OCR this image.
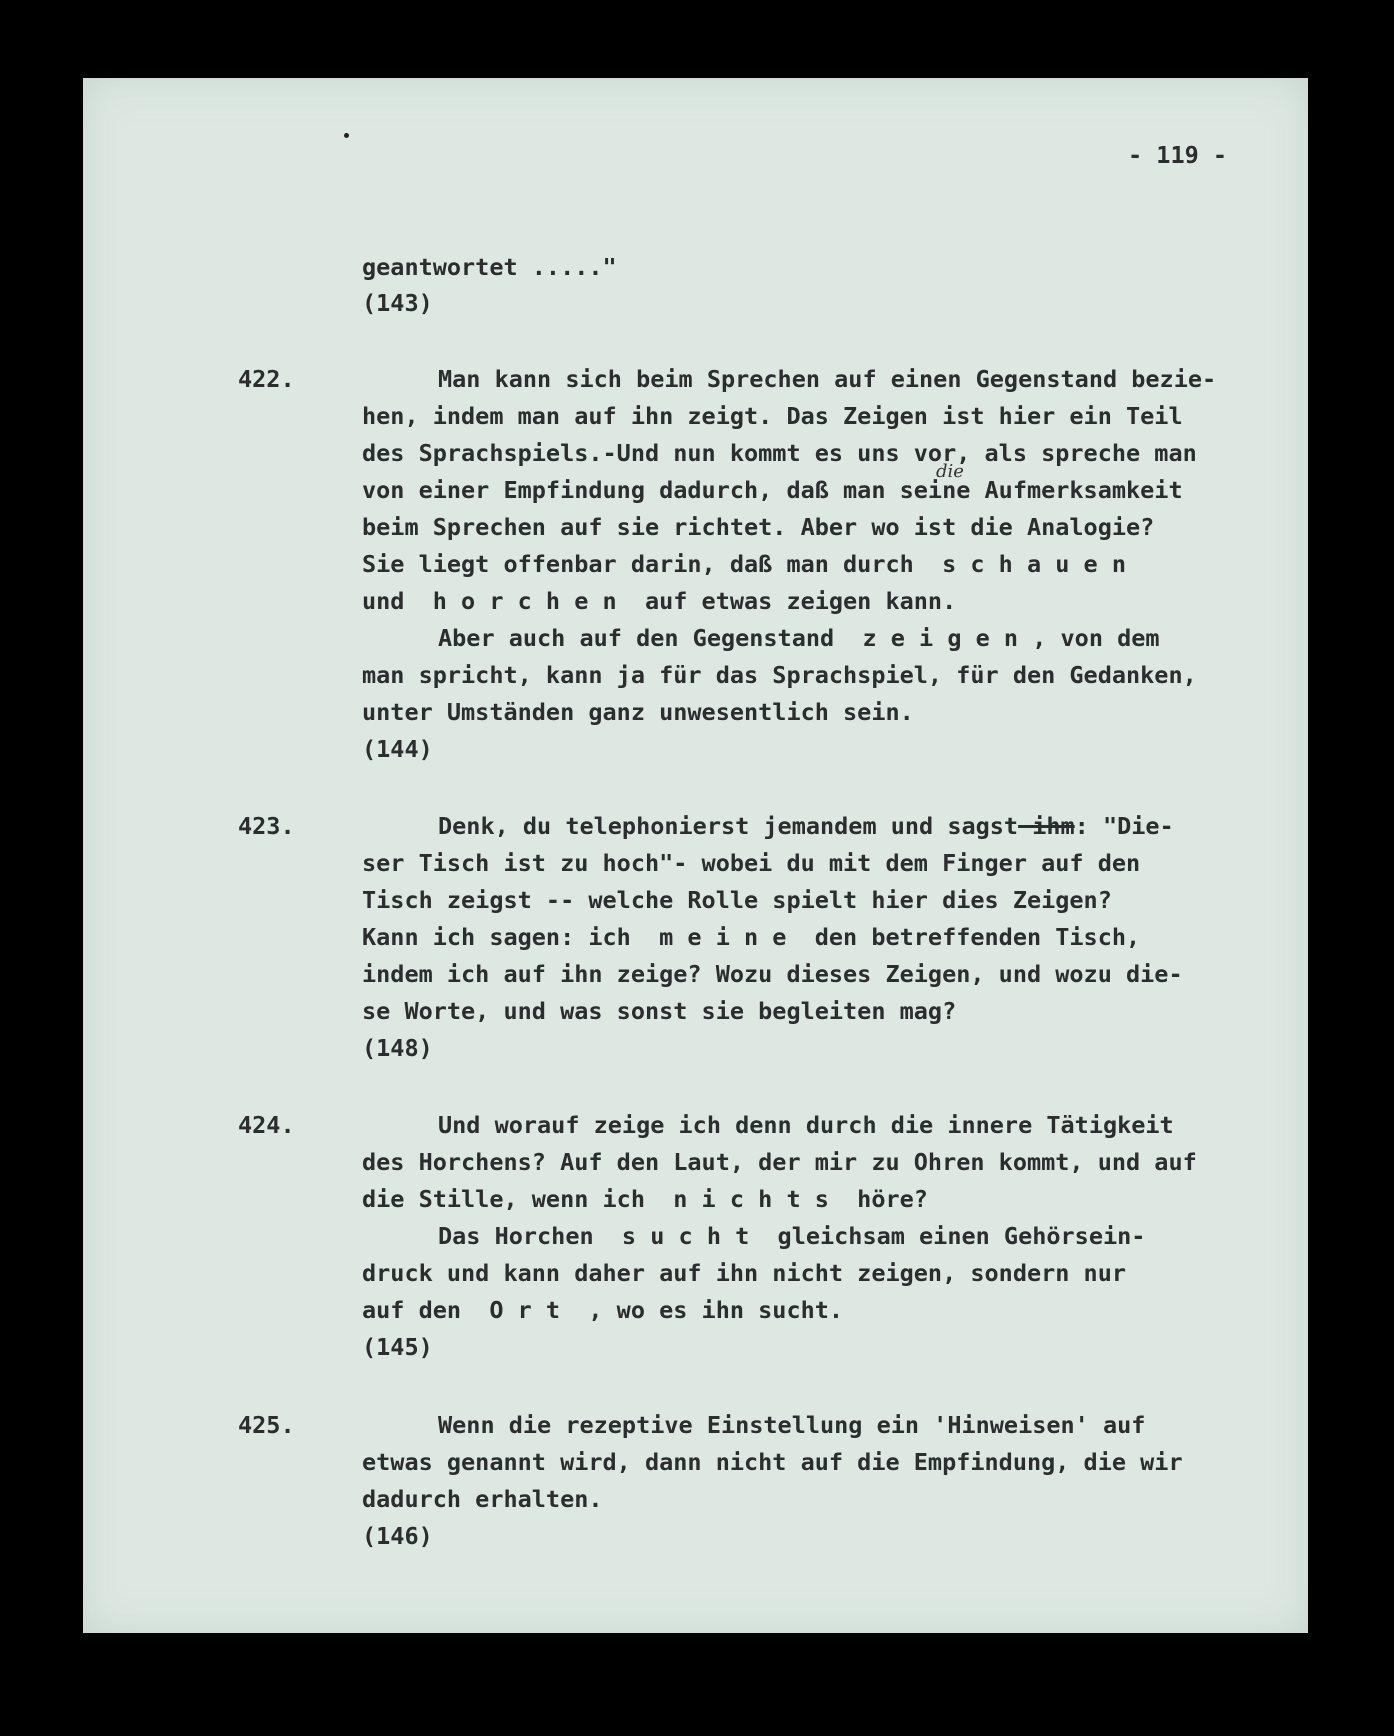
- 119 -
geantwortet ....."
(143)
422.	Man kann sich beim Sprechen auf einen Gegenstand bezie-
hen, indem man auf ihn zeigt. Das Zeigen ist hier ein Teil
des Sprachspiels.-Und nun kommt es uns vor, als spreche man
die
von einer Empfindung dadurch, daß man seine Aufmerksamkeit
beim Sprechen auf sie richtet. Aber wo ist die Analogie?
Sie liegt offenbar darin, daß man durch  s c h a u e n
und  h o r c h e n  auf etwas zeigen kann.
Aber auch auf den Gegenstand  z e i g e n , von dem
man spricht, kann ja für das Sprachspiel, für den Gedanken,
unter Umständen ganz unwesentlich sein.
(144)
423.	Denk, du telephonierst jemandem und sagst ihm: "Die-
ser Tisch ist zu hoch"- wobei du mit dem Finger auf den
Tisch zeigst -- welche Rolle spielt hier dies Zeigen?
Kann ich sagen: ich  m e i n e  den betreffenden Tisch,
indem ich auf ihn zeige? Wozu dieses Zeigen, und wozu die-
se Worte, und was sonst sie begleiten mag?
(148)
424.	Und worauf zeige ich denn durch die innere Tätigkeit
des Horchens? Auf den Laut, der mir zu Ohren kommt, und auf
die Stille, wenn ich  n i c h t s  höre?
Das Horchen  s u c h t  gleichsam einen Gehörsein-
druck und kann daher auf ihn nicht zeigen, sondern nur
auf den  O r t  , wo es ihn sucht.
(145)
425.	Wenn die rezeptive Einstellung ein 'Hinweisen' auf
etwas genannt wird, dann nicht auf die Empfindung, die wir
dadurch erhalten.
(146)
